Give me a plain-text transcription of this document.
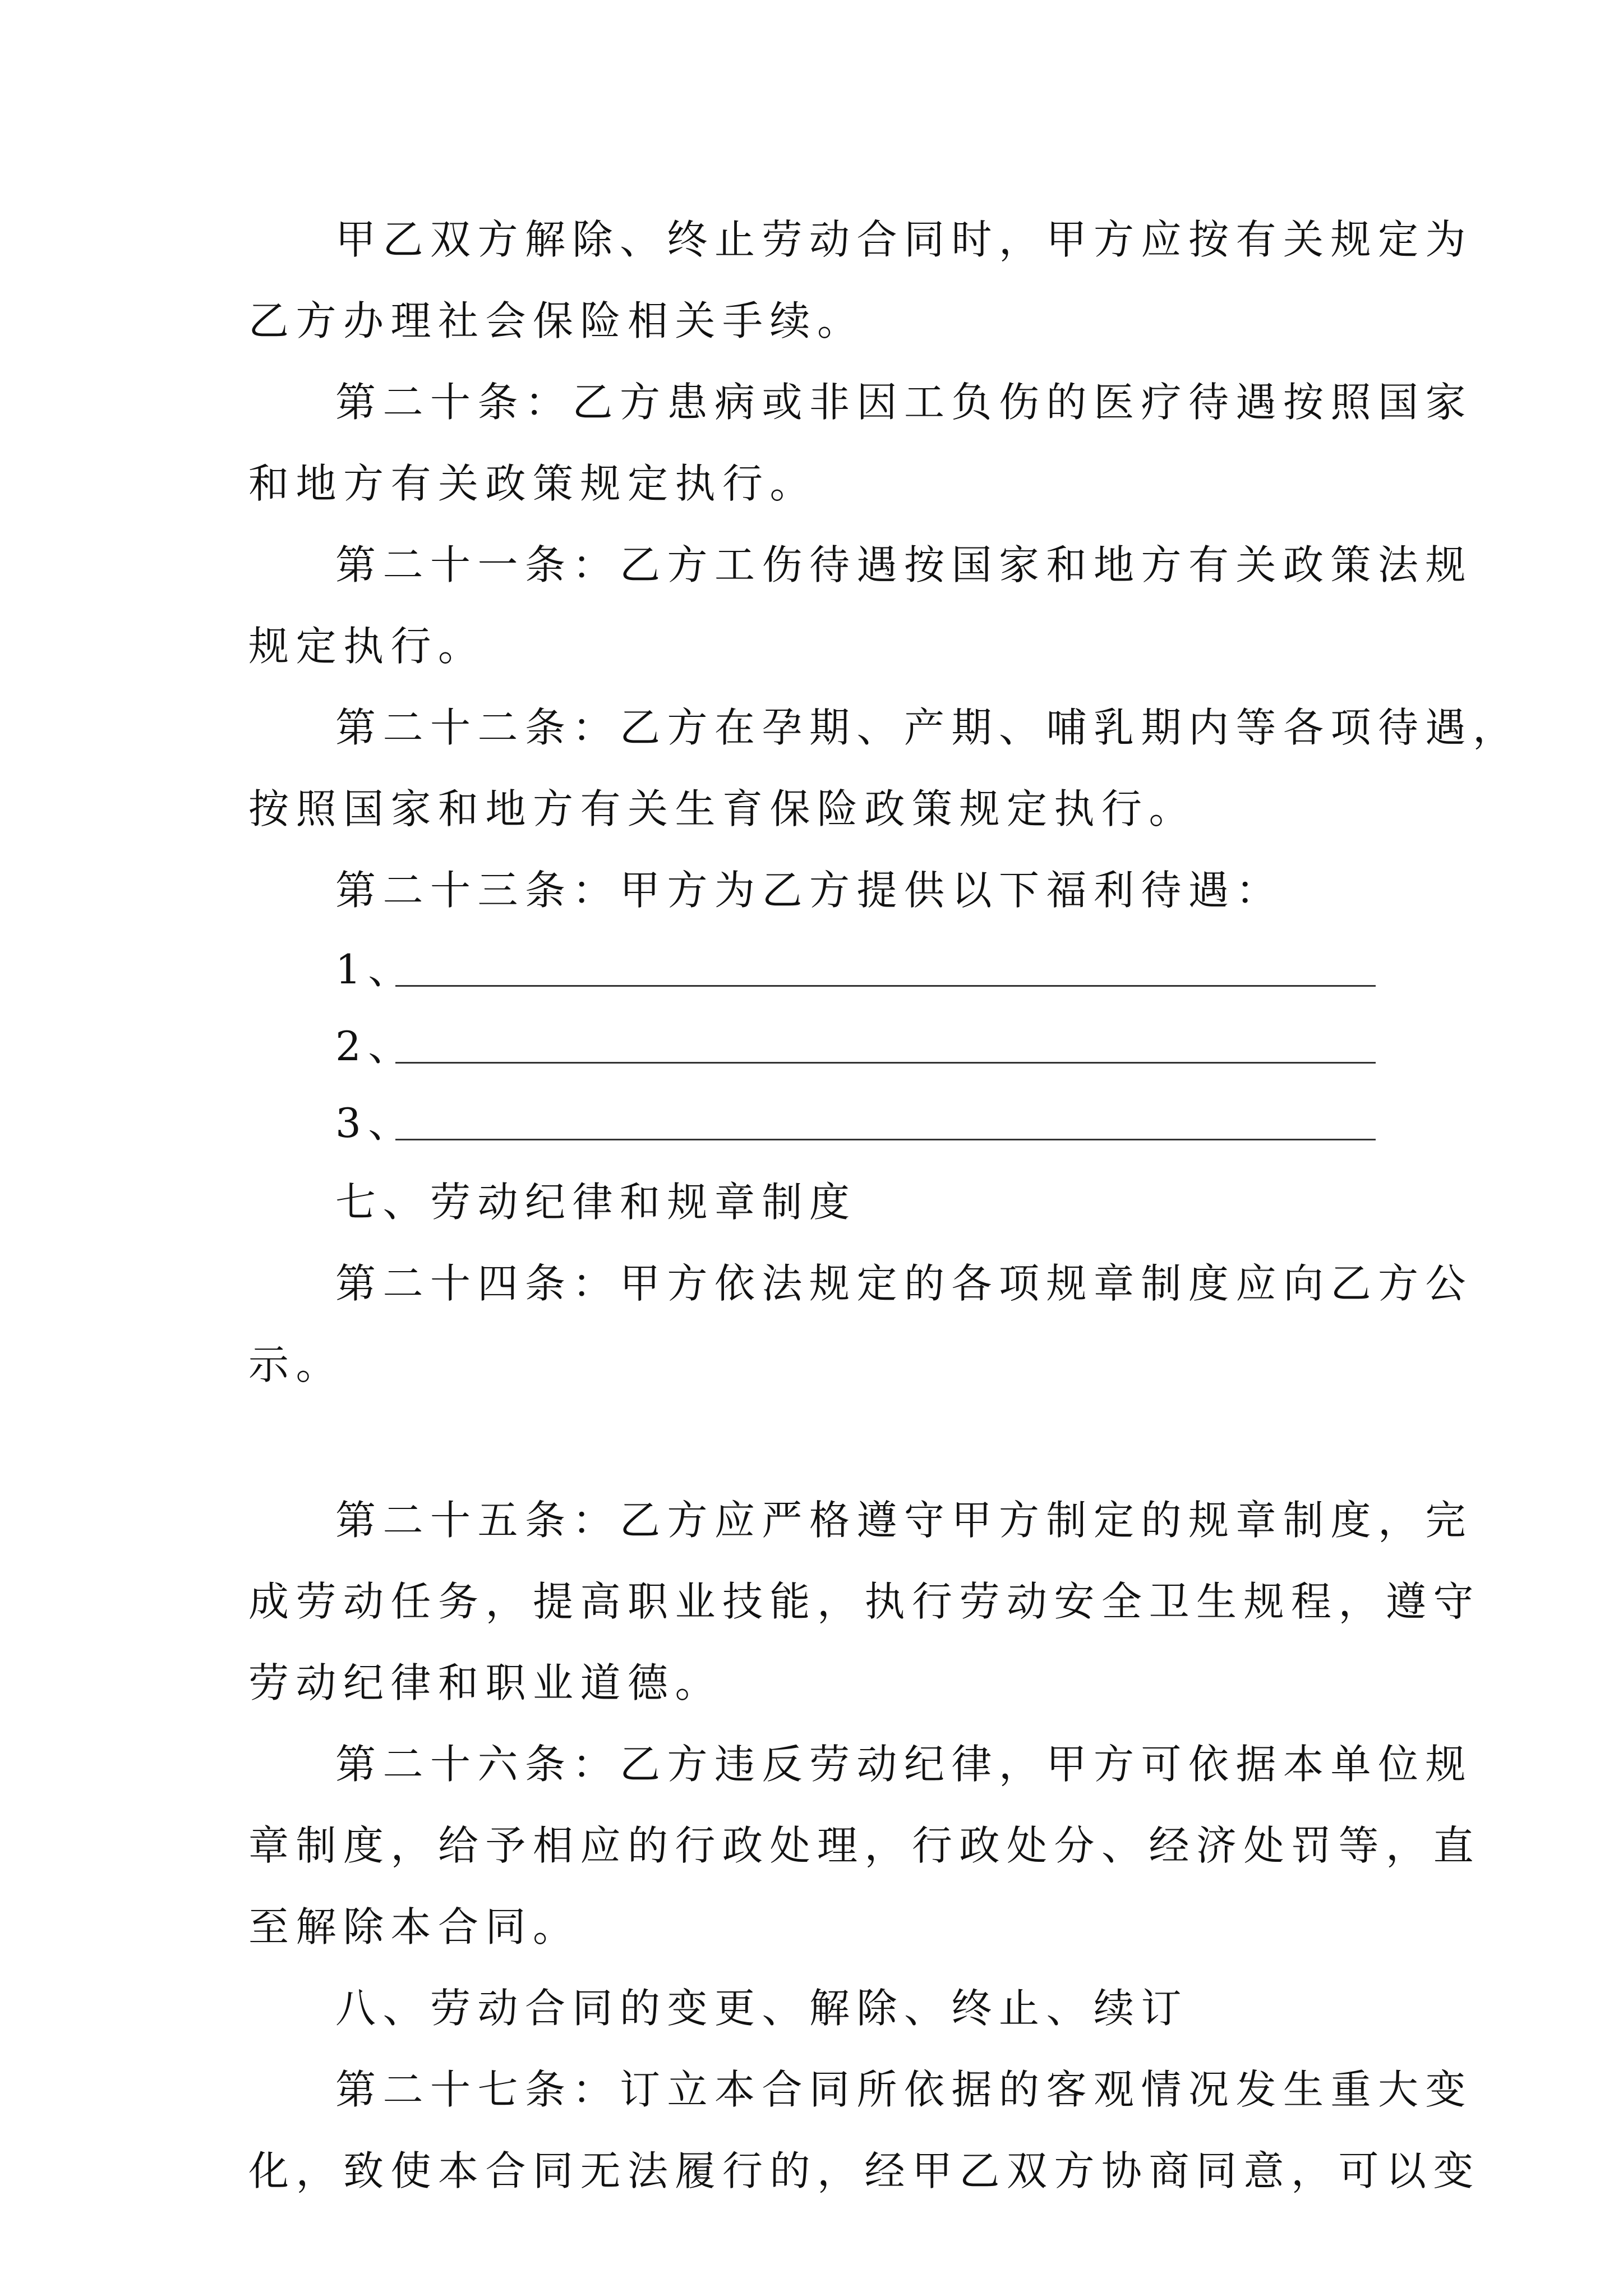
甲乙双方解除、终止劳动合同时，甲方应按有关规定为
乙方办理社会保险相关手续。
第二十条：乙方患病或非因工负伤的医疗待遇按照国家
和地方有关政策规定执行。
第二十一条：乙方工伤待遇按国家和地方有关政策法规
规定执行。
第二十二条：乙方在孕期、产期、哺乳期内等各项待遇，
按照国家和地方有关生育保险政策规定执行。
第二十三条：甲方为乙方提供以下福利待遇：
1、
2、
3、
七、劳动纪律和规章制度
第二十四条：甲方依法规定的各项规章制度应向乙方公
示。
第二十五条：乙方应严格遵守甲方制定的规章制度，完
成劳动任务，提高职业技能，执行劳动安全卫生规程，遵守
劳动纪律和职业道德。
第二十六条：乙方违反劳动纪律，甲方可依据本单位规
章制度，给予相应的行政处理，行政处分、经济处罚等，直
至解除本合同。
八、劳动合同的变更、解除、终止、续订
第二十七条：订立本合同所依据的客观情况发生重大变
化，致使本合同无法履行的，经甲乙双方协商同意，可以变
